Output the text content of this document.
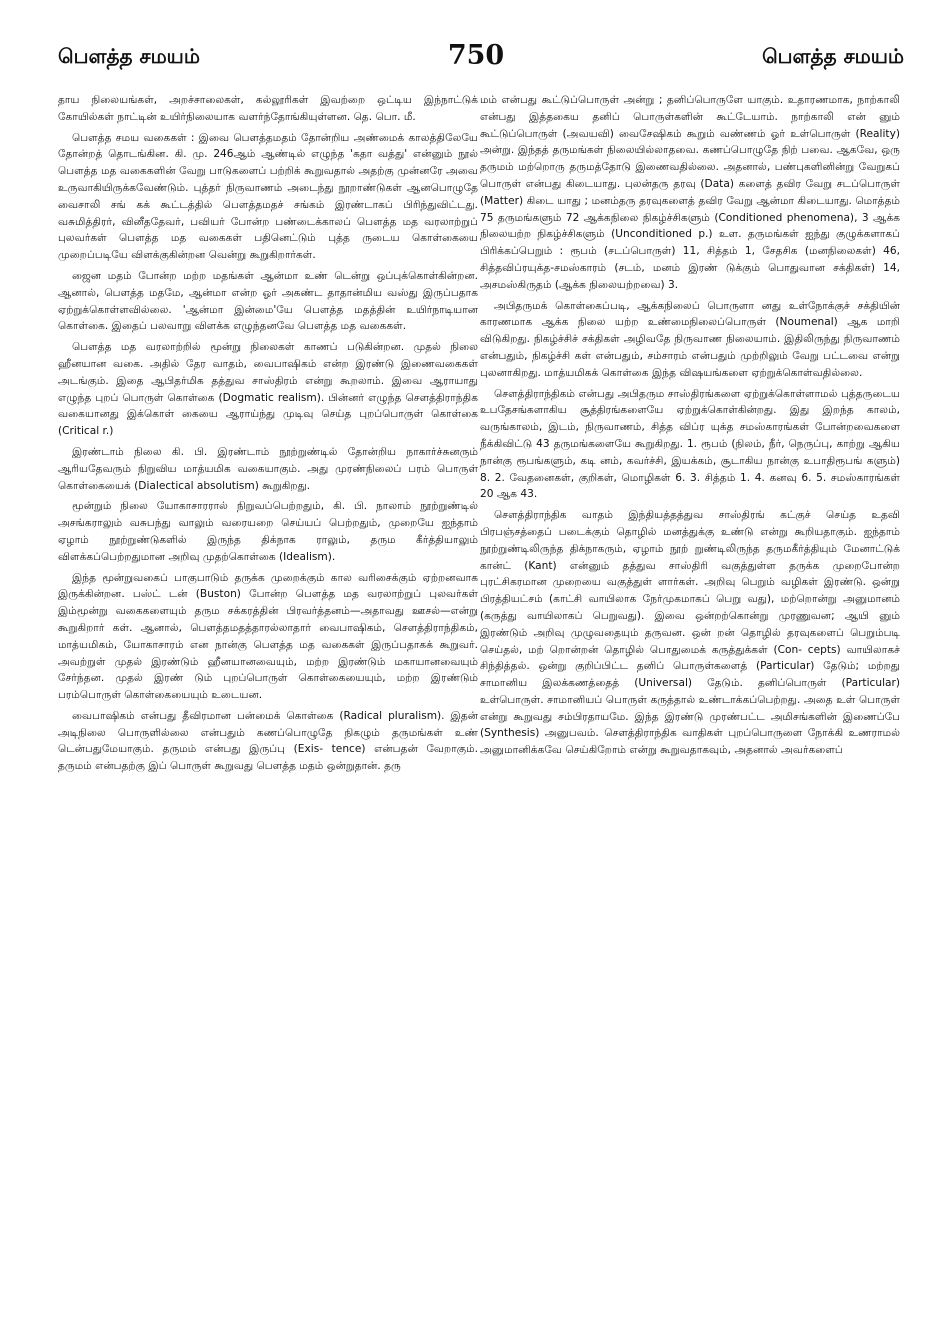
பௌத்த சமயம்	750	பௌத்த சமயம்

தாய நிலையங்கள், அறச்சாலைகள், கல்லூரிகள் இவற்றை ஒட்டிய இந்நாட்டுக் கோயில்கள் நாட்டின் உயிர்நிலையாக வளர்ந்தோங்கியுள்ளன. தெ. பொ. மீ.

பௌத்த சமய வகைகள் : இவை பௌத்தமதம் தோன்றிய அண்மைக் காலத்திலேயே தோன்றத் தொடங்கின. கி. மு. 246ஆம் ஆண்டில் எழுந்த 'கதா வத்து' என்னும் நூல் பௌத்த மத வகைகளின் வேறு பாடுகளைப் பற்றிக் கூறுவதால் அதற்கு முன்னரே அவை உருவாகியிருக்கவேண்டும். புத்தர் நிருவாணம் அடைந்து நூறாண்டுகள் ஆனபொழுதே வைசாலி சங் கக் கூட்டத்தில் பௌத்தமதச் சங்கம் இரண்டாகப் பிரிந்துவிட்டது. வசுமித்திரர், வினீததேவர், பவியர் போன்ற பண்டைக்காலப் பௌத்த மத வரலாற்றுப் புலவர்கள் பௌத்த மத வகைகள் பதினெட்டும் புத்த ருடைய கொள்கையை முறைப்படியே விளக்குகின்றன வென்று கூறுகிறார்கள்.

ஜைன மதம் போன்ற மற்ற மதங்கள் ஆன்மா உண் டென்று ஒப்புக்கொள்கின்றன. ஆனால், பௌத்த மதமே, ஆன்மா என்ற ஓர் அகண்ட தாதான்மிய வஸ்து இருப்பதாக ஏற்றுக்கொள்ளவில்லை. 'ஆன்மா இன்மை'யே பௌத்த மதத்தின் உயிர்நாடியான கொள்கை. இதைப் பலவாறு விளக்க எழுந்தனவே பௌத்த மத வகைகள்.

பௌத்த மத வரலாற்றில் மூன்று நிலைகள் காணப் படுகின்றன. முதல் நிலை ஹீனயான வகை. அதில் தேர வாதம், வைபாஷிகம் என்ற இரண்டு இணைவகைகள் அடங்கும். இதை ஆபிதர்மிக தத்துவ சாஸ்திரம் என்று கூறலாம். இவை ஆராயாது எழுந்த புறப் பொருள் கொள்கை (Dogmatic realism). பின்னர் எழுந்த சௌத்திராந்திக வகையானது இக்கொள் கையை ஆராய்ந்து முடிவு செய்த புறப்பொருள் கொள்கை (Critical r.)

இரண்டாம் நிலை கி. பி. இரண்டாம் நூற்றுண்டில் தோன்றிய நாகார்ச்சுனரும் ஆரியதேவரும் நிறுவிய மாத்யமிக வகையாகும். அது முரண்நிலைப் பரம் பொருள் கொள்கையைக் (Dialectical absolutism) கூறுகிறது.

மூன்றும் நிலை யோகாசாரரால் நிறுவப்பெற்றதும், கி. பி. நாலாம் நூற்றுண்டில் அசங்கராலும் வசுபந்து வாலும் வரையறை செய்யப் பெற்றதும், முறையே ஐந்தாம் ஏழாம் நூற்றுண்டுகளில் இருந்த திக்நாக ராலும், தரும கீர்த்தியாலும் விளக்கப்பெற்றதுமான அறிவு முதற்கொள்கை (Idealism).

இந்த மூன்றுவகைப் பாகுபாடும் தருக்க முறைக்கும் கால வரிசைக்கும் ஏற்றனவாக இருக்கின்றன. பஸ்ட் டன் (Buston) போன்ற பௌத்த மத வரலாற்றுப் புலவர்கள் இம்மூன்று வகைகளையும் தரும சக்கரத்தின் பிரவர்த்தனம்—அதாவது ஊசல்—என்று கூறுகிறார் கள். ஆனால், பௌத்தமதத்தாரல்லாதார் வைபாஷிகம், சௌத்திராந்திகம், மாத்யமிகம், யோகாசாரம் என நான்கு பௌத்த மத வகைகள் இருப்பதாகக் கூறுவர். அவற்றுள் முதல் இரண்டும் ஹீனயானவையும், மற்ற இரண்டும் மகாயானவையும் சேர்ந்தன. முதல் இரண் டும் புறப்பொருள் கொள்கையையும், மற்ற இரண்டும் பரம்பொருள் கொள்கையையும் உடையன.

வைபாஷிகம் என்பது தீவிரமான பன்மைக் கொள்கை (Radical pluralism). இதன் அடிநிலை பொருளில்லை என்பதும் கணப்பொழுதே நிகழும் தருமங்கள் உண் டென்பதுமேயாகும். தருமம் என்பது இருப்பு (Exis- tence) என்பதன் வேறாகும். தருமம் என்பதற்கு இப் பொருள் கூறுவது பௌத்த மதம் ஒன்றுதான். தரு

மம் என்பது கூட்டுப்பொருள் அன்று ; தனிப்பொருளே யாகும். உதாரணமாக, நாற்காலி என்பது இத்தகைய தனிப் பொருள்களின் கூட்டேயாம். நாற்காலி என் னும் கூட்டுப்பொருள் (அவயவி) வைசேஷிகம் கூறும் வண்ணம் ஓர் உள்பொருள் (Reality) அன்று. இந்தத் தருமங்கள் நிலையில்லாதவை. கணப்பொழுதே நிற் பவை. ஆகவே, ஒரு தருமம் மற்றொரு தருமத்தோடு இணைவதில்லை. அதனால், பண்புகளினின்று வேறுகப் பொருள் என்பது கிடையாது. புலன்தரு தரவு (Data) களைத் தவிர வேறு சடப்பொருள் (Matter) கிடை யாது ; மனம்தரு தரவுகளைத் தவிர வேறு ஆன்மா கிடையாது. மொத்தம் 75 தருமங்களும் 72 ஆக்கநிலை நிகழ்ச்சிகளும் (Conditioned phenomena), 3 ஆக்க நிலையற்ற நிகழ்ச்சிகளும் (Unconditioned p.) உள. தருமங்கள் ஐந்து குழுக்களாகப் பிரிக்கப்பெறும் : ரூபம் (சடப்பொருள்) 11, சித்தம் 1, சேதசிக (மனநிலைகள்) 46, சித்தவிப்ரயுக்த-சமஸ்காரம் (சடம், மனம் இரண் டுக்கும் பொதுவான சக்திகள்) 14, அசமஸ்கிருதம் (ஆக்க நிலையற்றவை) 3.

அபிதருமக் கொள்கைப்படி, ஆக்கநிலைப் பொருளா னது உள்நோக்குச் சக்தியின் காரணமாக ஆக்க நிலை யற்ற உண்மைநிலைப்பொருள் (Noumenal) ஆக மாறி விடுகிறது. நிகழ்ச்சிச் சக்திகள் அழிவதே நிருவாண நிலையாம். இதிலிருந்து நிருவாணம் என்பதும், நிகழ்ச்சி கள் என்பதும், சம்சாரம் என்பதும் முற்றிலும் வேறு பட்டவை என்று புலனாகிறது. மாத்யமிகக் கொள்கை இந்த விஷயங்களை ஏற்றுக்கொள்வதில்லை.

சௌத்திராந்திகம் என்பது அபிதரும சாஸ்திரங்களை ஏற்றுக்கொள்ளாமல் புத்தருடைய உபதேசங்களாகிய சூத்திரங்களையே ஏற்றுக்கொள்கின்றது. இது இறந்த காலம், வருங்காலம், இடம், நிருவாணம், சித்த விப்ர யுக்த சமஸ்காரங்கள் போன்றவைகளை நீக்கிவிட்டு 43 தருமங்களையே கூறுகிறது. 1. ரூபம் (நிலம், நீர், நெருப்பு, காற்று ஆகிய நான்கு ரூபங்களும், கடி னம், கவர்ச்சி, இயக்கம், சூடாகிய நான்கு உபாதிரூபங் களும்) 8. 2. வேதனைகள், குறிகள், மொழிகள் 6. 3. சித்தம் 1. 4. கனவு 6. 5. சமஸ்காரங்கள் 20 ஆக 43.

சௌத்திராந்திக வாதம் இந்தியத்தத்துவ சாஸ்திரங் கட்குச் செய்த உதவி பிரபஞ்சத்தைப் படைக்கும் தொழில் மனத்துக்கு உண்டு என்று கூறியதாகும். ஐந்தாம் நூற்றுண்டிலிருந்த திக்நாகரும், ஏழாம் நூற் றுண்டிலிருந்த தருமகீர்த்தியும் மேனாட்டுக் கான்ட் (Kant) என்னும் தத்துவ சாஸ்திரி வகுத்துள்ள தருக்க முறைபோன்ற புரட்சிகரமான முறையை வகுத்துள் ளார்கள். அறிவு பெறும் வழிகள் இரண்டு. ஒன்று பிரத்தியட்சம் (காட்சி வாயிலாக நேர்முகமாகப் பெறு வது), மற்றொன்று அனுமானம் (கருத்து வாயிலாகப் பெறுவது). இவை ஒன்றற்கொன்று முரணுவன; ஆயி னும் இரண்டும் அறிவு முழுவதையும் தருவன. ஒன் றன் தொழில் தரவுகளைப் பெறும்படி செய்தல், மற் றொன்றன் தொழில் பொதுமைக் கருத்துக்கள் (Con- cepts) வாயிலாகச் சிந்தித்தல். ஒன்று குறிப்பிட்ட தனிப் பொருள்களைத் (Particular) தேடும்; மற்றது சாமானிய இலக்கணத்தைத் (Universal) தேடும். தனிப்பொருள் (Particular) உள்பொருள். சாமானியப் பொருள் கருத்தால் உண்டாக்கப்பெற்றது. அதை உள் பொருள் என்று கூறுவது சம்பிரதாயமே. இந்த இரண்டு முரண்பட்ட அமிசங்களின் இணைப்பே (Synthesis) அனுபவம். சௌத்திராந்திக வாதிகள் புறப்பொருளை நோக்கி உணராமல் அனுமானிக்கவே செய்கிறோம் என்று கூறுவதாகவும், அதனால் அவர்களைப்
